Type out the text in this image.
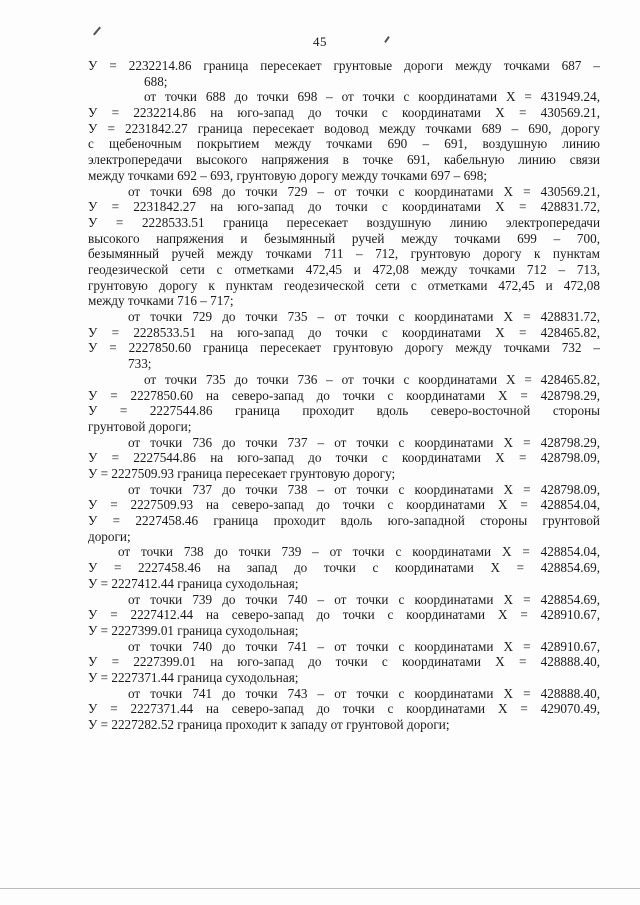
45
У = 2232214.86 граница пересекает грунтовые дороги между точками 687 –
688;
от точки 688 до точки 698 – от точки с координатами Х = 431949.24,
У = 2232214.86 на юго-запад до точки с координатами Х = 430569.21,
У = 2231842.27 граница пересекает водовод между точками 689 – 690, дорогу
с щебеночным покрытием между точками 690 – 691, воздушную линию
электропередачи высокого напряжения в точке 691, кабельную линию связи
между точками 692 – 693, грунтовую дорогу между точками 697 – 698;
от точки 698 до точки 729 – от точки с координатами Х = 430569.21,
У = 2231842.27 на юго-запад до точки с координатами Х = 428831.72,
У = 2228533.51 граница пересекает воздушную линию электропередачи
высокого напряжения и безымянный ручей между точками 699 – 700,
безымянный ручей между точками 711 – 712, грунтовую дорогу к пунктам
геодезической сети с отметками 472,45 и 472,08 между точками 712 – 713,
грунтовую дорогу к пунктам геодезической сети с отметками 472,45 и 472,08
между точками 716 – 717;
от точки 729 до точки 735 – от точки с координатами Х = 428831.72,
У = 2228533.51 на юго-запад до точки с координатами Х = 428465.82,
У = 2227850.60 граница пересекает грунтовую дорогу между точками 732 –
733;
от точки 735 до точки 736 – от точки с координатами Х = 428465.82,
У = 2227850.60 на северо-запад до точки с координатами Х = 428798.29,
У = 2227544.86 граница проходит вдоль северо-восточной стороны
грунтовой дороги;
от точки 736 до точки 737 – от точки с координатами Х = 428798.29,
У = 2227544.86 на юго-запад до точки с координатами Х = 428798.09,
У = 2227509.93 граница пересекает грунтовую дорогу;
от точки 737 до точки 738 – от точки с координатами Х = 428798.09,
У = 2227509.93 на северо-запад до точки с координатами Х = 428854.04,
У = 2227458.46 граница проходит вдоль юго-западной стороны грунтовой
дороги;
от точки 738 до точки 739 – от точки с координатами Х = 428854.04,
У = 2227458.46 на запад до точки с координатами Х = 428854.69,
У = 2227412.44 граница суходольная;
от точки 739 до точки 740 – от точки с координатами Х = 428854.69,
У = 2227412.44 на северо-запад до точки с координатами Х = 428910.67,
У = 2227399.01 граница суходольная;
от точки 740 до точки 741 – от точки с координатами Х = 428910.67,
У = 2227399.01 на юго-запад до точки с координатами Х = 428888.40,
У = 2227371.44 граница суходольная;
от точки 741 до точки 743 – от точки с координатами Х = 428888.40,
У = 2227371.44 на северо-запад до точки с координатами Х = 429070.49,
У = 2227282.52 граница проходит к западу от грунтовой дороги;
